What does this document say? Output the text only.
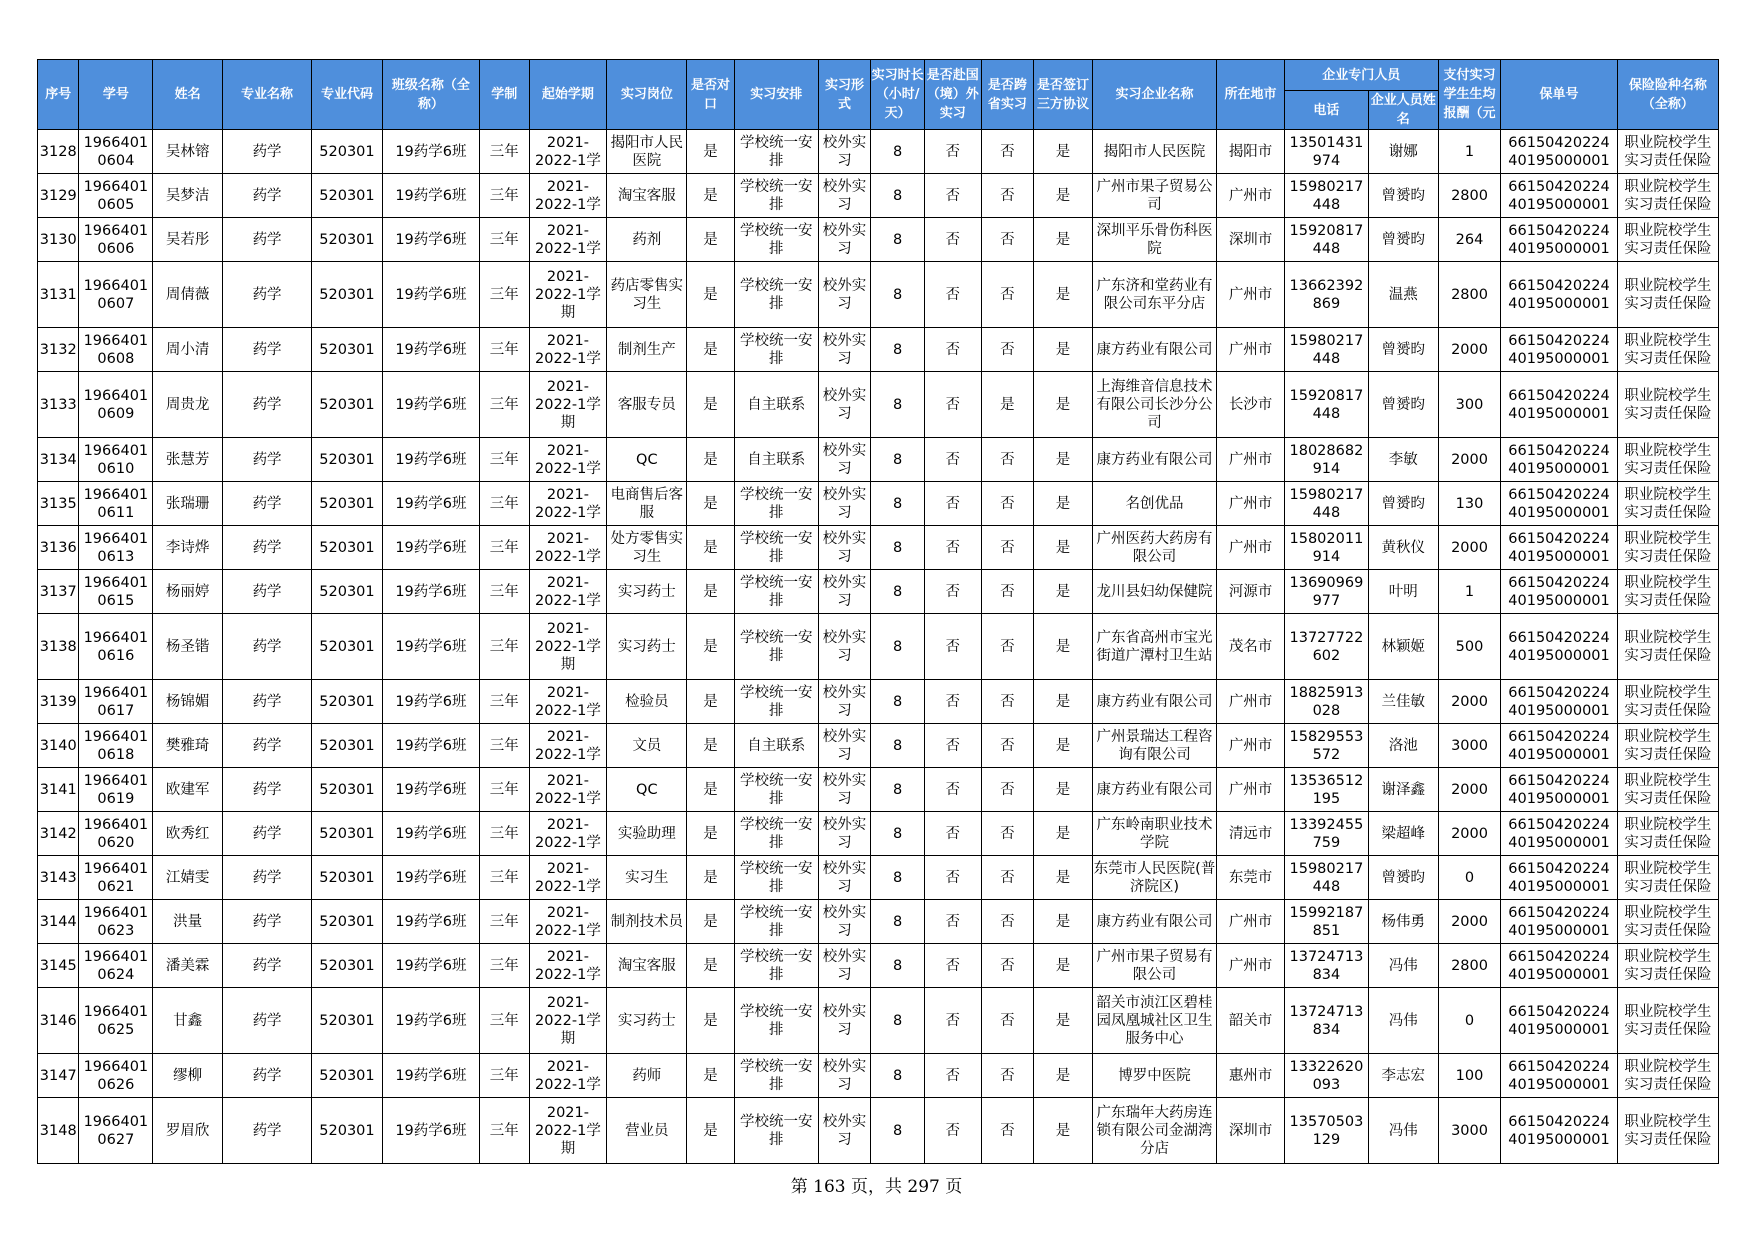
序号	学号	姓名	专业名称	专业代码	班级名称（全称）	学制	起始学期	实习岗位	是否对口	实习安排	实习形式	实习时长（小时/天）	是否赴国（境）外实习	是否跨省实习	是否签订三方协议	实习企业名称	所在地市	企业专门人员		支付实习学生生均报酬（元	保单号	保险险种名称（全称）
																		电话	企业人员姓名			
3128	1966401 0604	吴林镕	药学	520301	19药学6班	三年	2021-2022-1学	揭阳市人民医院	是	学校统一安排	校外实习	8	否	否	是	揭阳市人民医院	揭阳市	13501431 974	谢娜	1	66150420224 40195000001	职业院校学生实习责任保险
3129	1966401 0605	吴梦洁	药学	520301	19药学6班	三年	2021-2022-1学	淘宝客服	是	学校统一安排	校外实习	8	否	否	是	广州市果子贸易公司	广州市	15980217 448	曾赟昀	2800	66150420224 40195000001	职业院校学生实习责任保险
3130	1966401 0606	吴若彤	药学	520301	19药学6班	三年	2021-2022-1学	药剂	是	学校统一安排	校外实习	8	否	否	是	深圳平乐骨伤科医院	深圳市	15920817 448	曾赟昀	264	66150420224 40195000001	职业院校学生实习责任保险
3131	1966401 0607	周倩薇	药学	520301	19药学6班	三年	2021-2022-1学期	药店零售实习生	是	学校统一安排	校外实习	8	否	否	是	广东济和堂药业有限公司东平分店	广州市	13662392 869	温燕	2800	66150420224 40195000001	职业院校学生实习责任保险
3132	1966401 0608	周小清	药学	520301	19药学6班	三年	2021-2022-1学	制剂生产	是	学校统一安排	校外实习	8	否	否	是	康方药业有限公司	广州市	15980217 448	曾赟昀	2000	66150420224 40195000001	职业院校学生实习责任保险
3133	1966401 0609	周贵龙	药学	520301	19药学6班	三年	2021-2022-1学期	客服专员	是	自主联系	校外实习	8	否	是	是	上海维音信息技术有限公司长沙分公司	长沙市	15920817 448	曾赟昀	300	66150420224 40195000001	职业院校学生实习责任保险
3134	1966401 0610	张慧芳	药学	520301	19药学6班	三年	2021-2022-1学	QC	是	自主联系	校外实习	8	否	否	是	康方药业有限公司	广州市	18028682 914	李敏	2000	66150420224 40195000001	职业院校学生实习责任保险
3135	1966401 0611	张瑞珊	药学	520301	19药学6班	三年	2021-2022-1学	电商售后客服	是	学校统一安排	校外实习	8	否	否	是	名创优品	广州市	15980217 448	曾赟昀	130	66150420224 40195000001	职业院校学生实习责任保险
3136	1966401 0613	李诗烨	药学	520301	19药学6班	三年	2021-2022-1学	处方零售实习生	是	学校统一安排	校外实习	8	否	否	是	广州医药大药房有限公司	广州市	15802011 914	黄秋仪	2000	66150420224 40195000001	职业院校学生实习责任保险
3137	1966401 0615	杨丽婷	药学	520301	19药学6班	三年	2021-2022-1学	实习药士	是	学校统一安排	校外实习	8	否	否	是	龙川县妇幼保健院	河源市	13690969 977	叶明	1	66150420224 40195000001	职业院校学生实习责任保险
3138	1966401 0616	杨圣锴	药学	520301	19药学6班	三年	2021-2022-1学期	实习药士	是	学校统一安排	校外实习	8	否	否	是	广东省高州市宝光街道广潭村卫生站	茂名市	13727722 602	林颖姬	500	66150420224 40195000001	职业院校学生实习责任保险
3139	1966401 0617	杨锦媚	药学	520301	19药学6班	三年	2021-2022-1学	检验员	是	学校统一安排	校外实习	8	否	否	是	康方药业有限公司	广州市	18825913 028	兰佳敏	2000	66150420224 40195000001	职业院校学生实习责任保险
3140	1966401 0618	樊雅琦	药学	520301	19药学6班	三年	2021-2022-1学	文员	是	自主联系	校外实习	8	否	否	是	广州景瑞达工程咨询有限公司	广州市	15829553 572	洛池	3000	66150420224 40195000001	职业院校学生实习责任保险
3141	1966401 0619	欧建军	药学	520301	19药学6班	三年	2021-2022-1学	QC	是	学校统一安排	校外实习	8	否	否	是	康方药业有限公司	广州市	13536512 195	谢泽鑫	2000	66150420224 40195000001	职业院校学生实习责任保险
3142	1966401 0620	欧秀红	药学	520301	19药学6班	三年	2021-2022-1学	实验助理	是	学校统一安排	校外实习	8	否	否	是	广东岭南职业技术学院	清远市	13392455 759	梁超峰	2000	66150420224 40195000001	职业院校学生实习责任保险
3143	1966401 0621	江婧雯	药学	520301	19药学6班	三年	2021-2022-1学	实习生	是	学校统一安排	校外实习	8	否	否	是	东莞市人民医院(普济院区)	东莞市	15980217 448	曾赟昀	0	66150420224 40195000001	职业院校学生实习责任保险
3144	1966401 0623	洪量	药学	520301	19药学6班	三年	2021-2022-1学	制剂技术员	是	学校统一安排	校外实习	8	否	否	是	康方药业有限公司	广州市	15992187 851	杨伟勇	2000	66150420224 40195000001	职业院校学生实习责任保险
3145	1966401 0624	潘美霖	药学	520301	19药学6班	三年	2021-2022-1学	淘宝客服	是	学校统一安排	校外实习	8	否	否	是	广州市果子贸易有限公司	广州市	13724713 834	冯伟	2800	66150420224 40195000001	职业院校学生实习责任保险
3146	1966401 0625	甘鑫	药学	520301	19药学6班	三年	2021-2022-1学期	实习药士	是	学校统一安排	校外实习	8	否	否	是	韶关市浈江区碧桂园凤凰城社区卫生服务中心	韶关市	13724713 834	冯伟	0	66150420224 40195000001	职业院校学生实习责任保险
3147	1966401 0626	缪柳	药学	520301	19药学6班	三年	2021-2022-1学	药师	是	学校统一安排	校外实习	8	否	否	是	博罗中医院	惠州市	13322620 093	李志宏	100	66150420224 40195000001	职业院校学生实习责任保险
3148	1966401 0627	罗眉欣	药学	520301	19药学6班	三年	2021-2022-1学期	营业员	是	学校统一安排	校外实习	8	否	否	是	广东瑞年大药房连锁有限公司金湖湾分店	深圳市	13570503 129	冯伟	3000	66150420224 40195000001	职业院校学生实习责任保险
第 163 页，共 297 页
